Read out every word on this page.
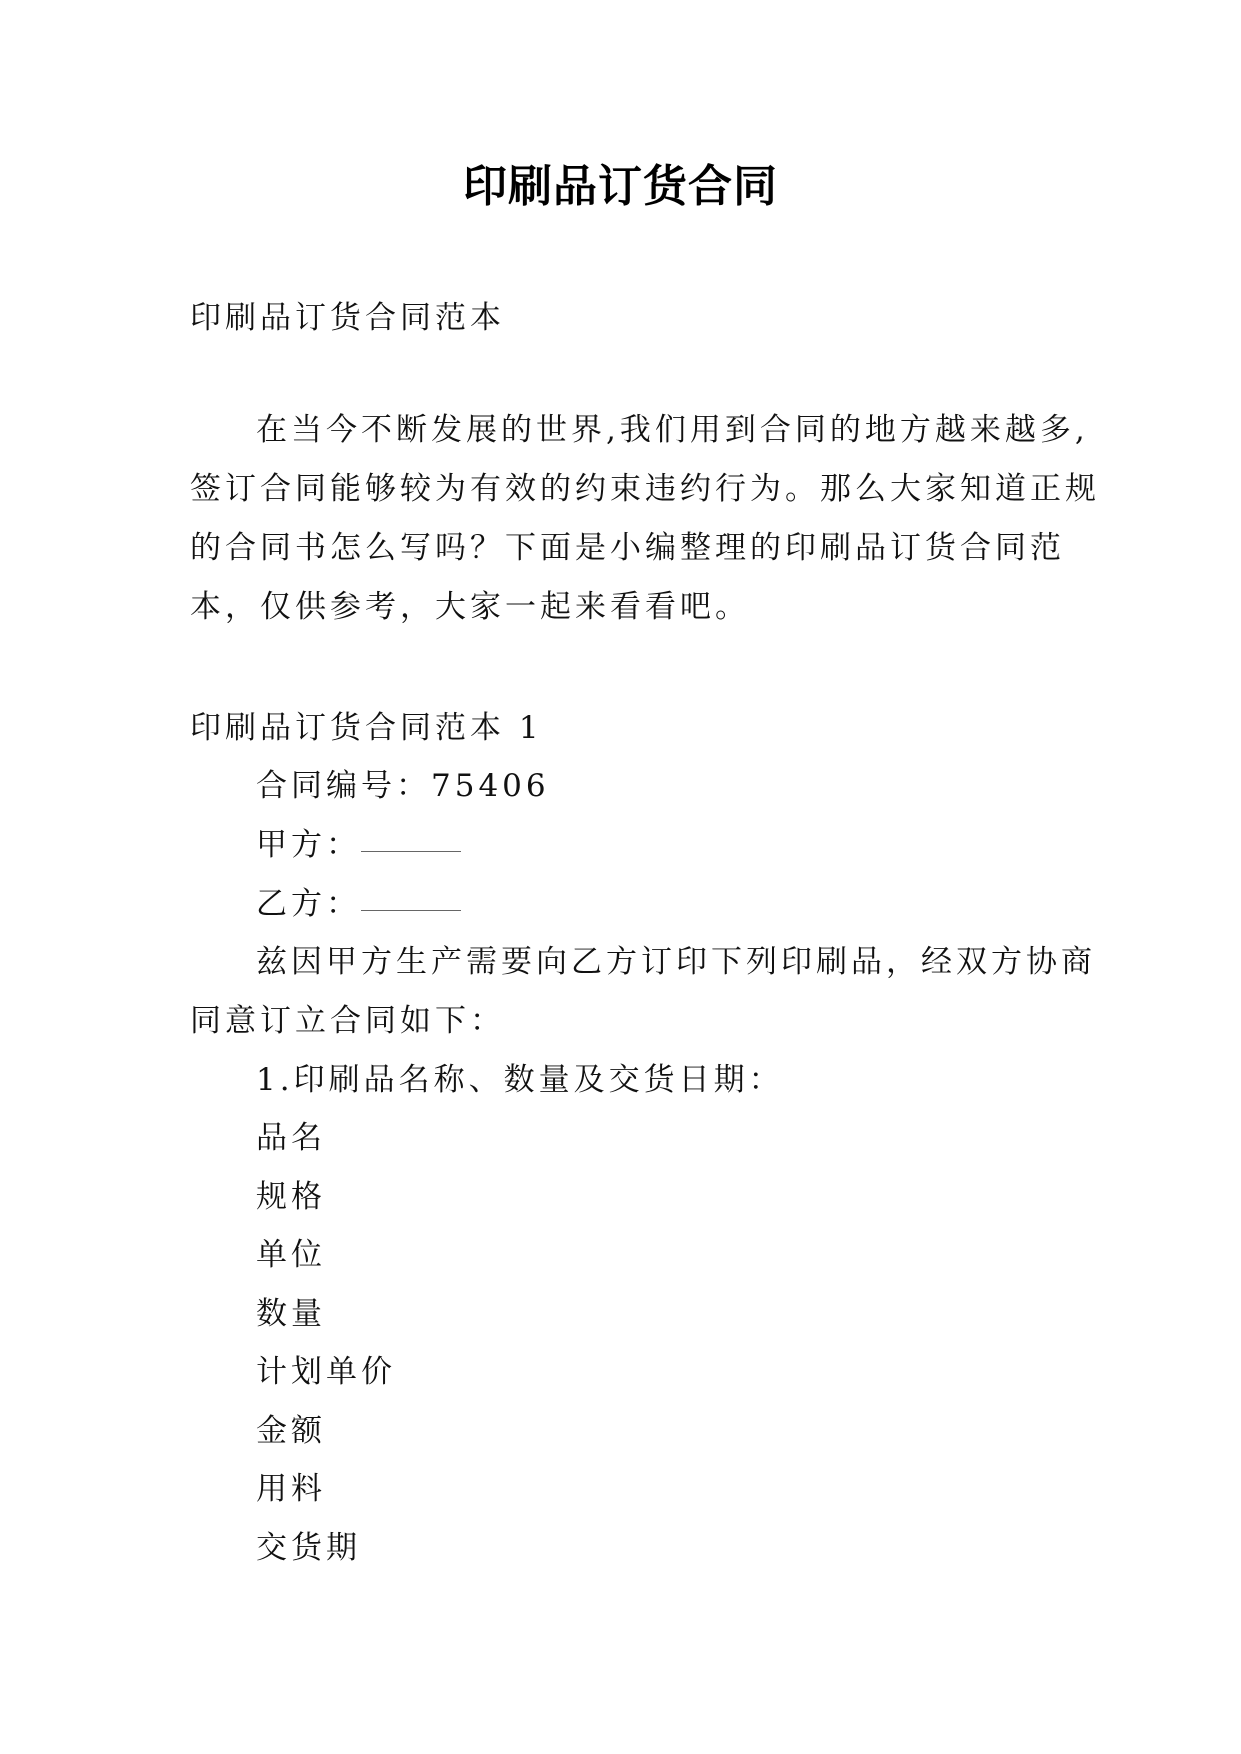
印刷品订货合同
印刷品订货合同范本
在当今不断发展的世界,我们用到合同的地方越来越多,
签订合同能够较为有效的约束违约行为。那么大家知道正规
的合同书怎么写吗？下面是小编整理的印刷品订货合同范
本，仅供参考，大家一起来看看吧。
印刷品订货合同范本 1
合同编号：75406
甲方：
乙方：
兹因甲方生产需要向乙方订印下列印刷品，经双方协商
同意订立合同如下：
1.印刷品名称、数量及交货日期：
品名
规格
单位
数量
计划单价
金额
用料
交货期
